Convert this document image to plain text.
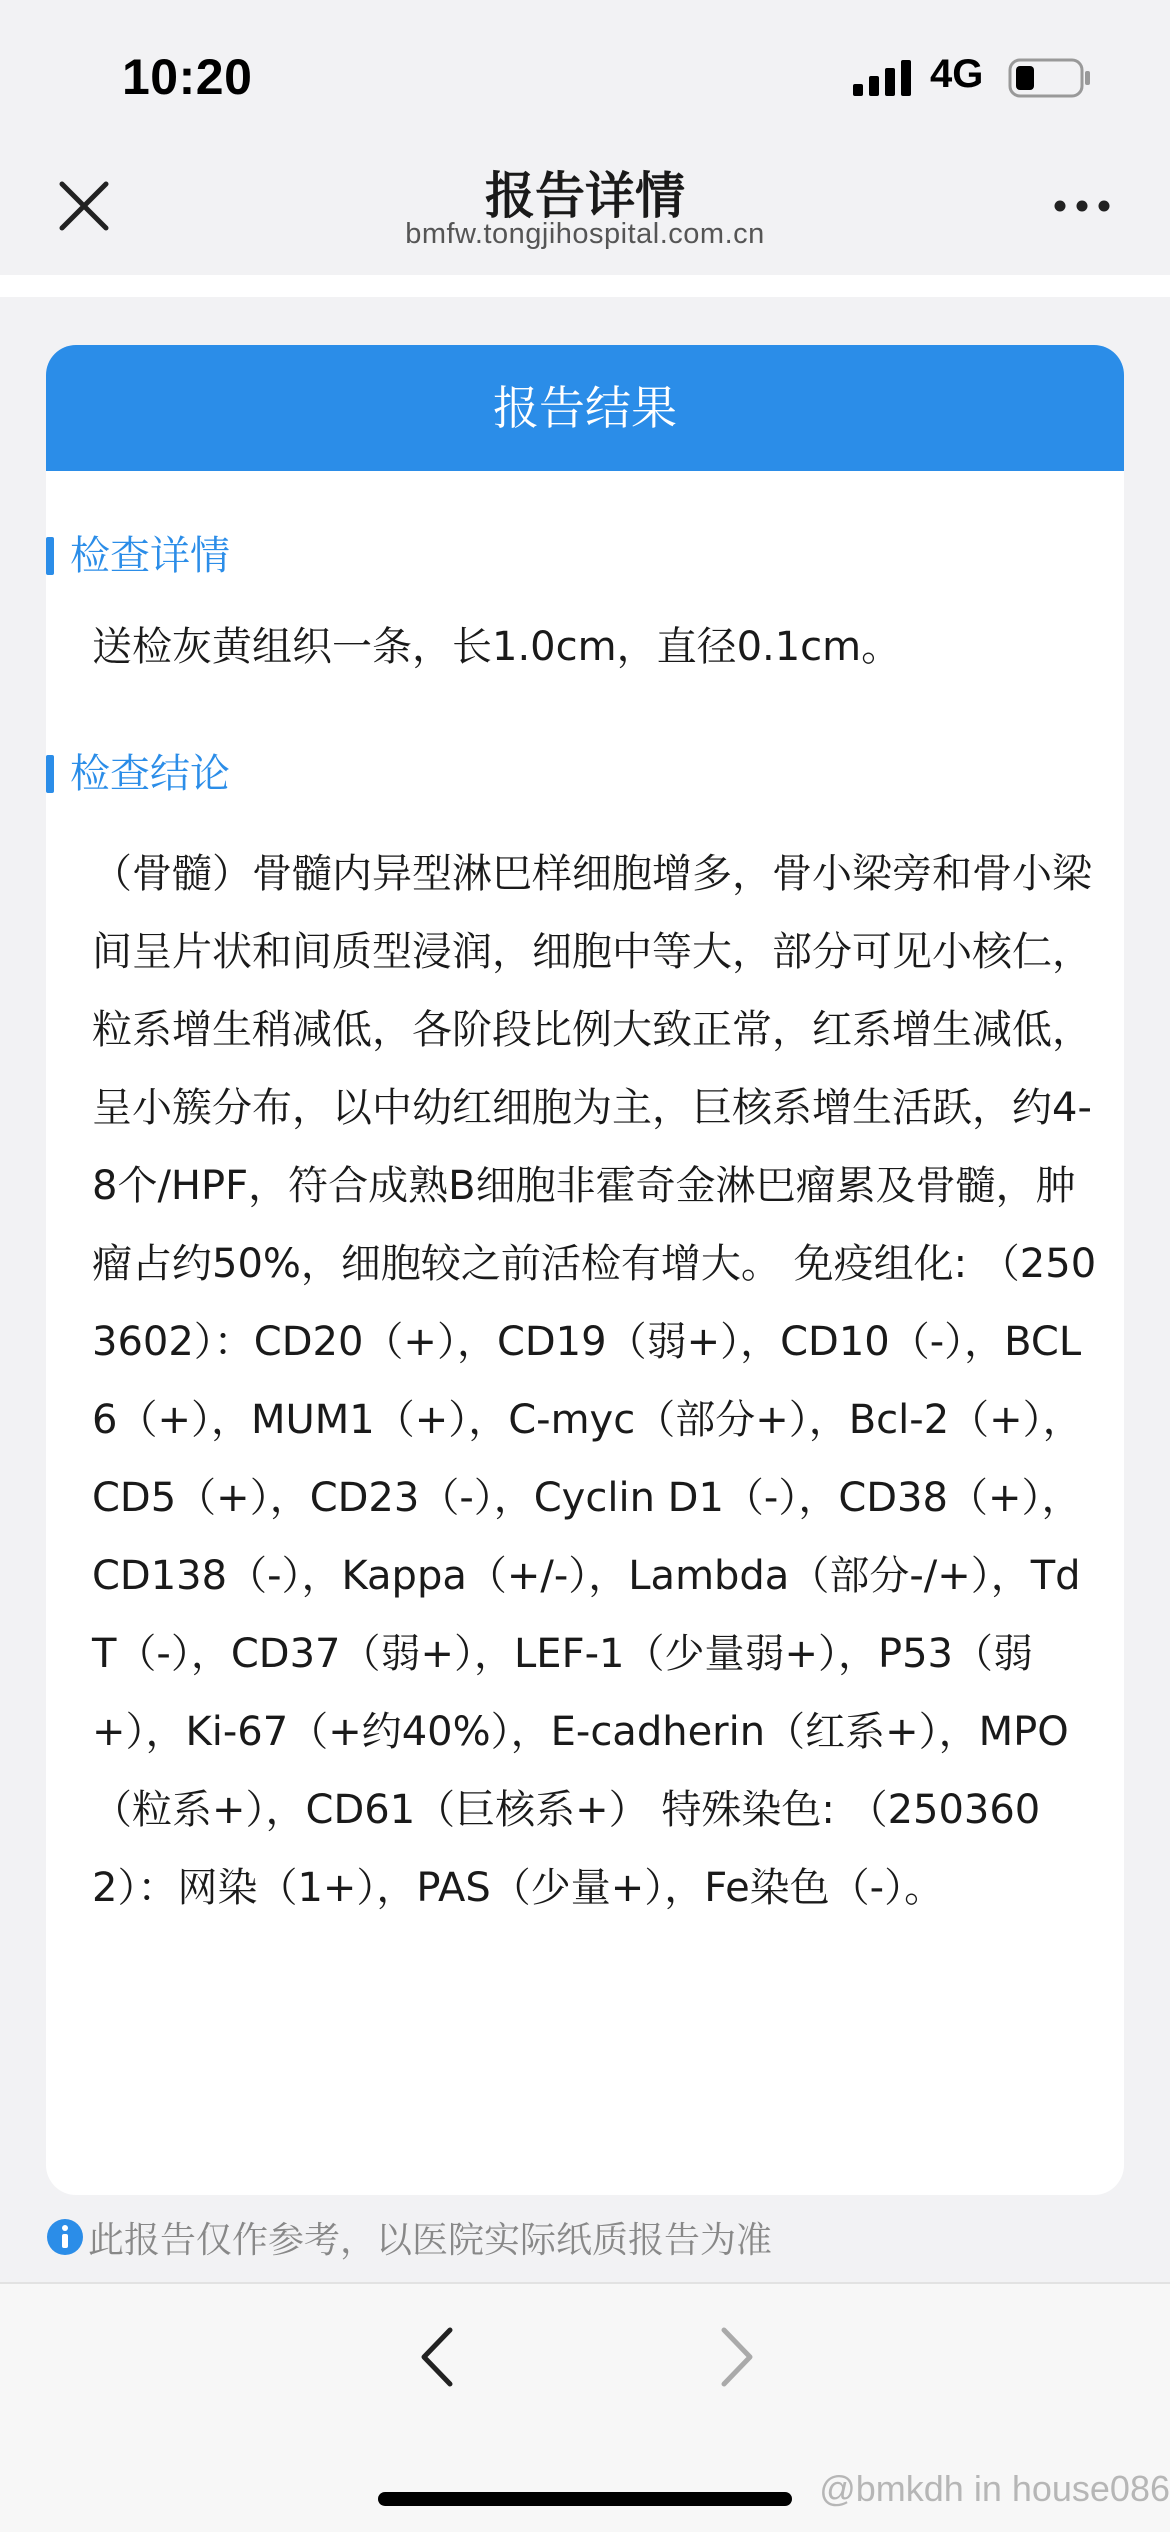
10:20	4G
报告详情
bmfw.tongjihospital.com.cn
报告结果
检查详情
送检灰黄组织一条，长1.0cm，直径0.1cm。
检查结论
（骨髓）骨髓内异型淋巴样细胞增多，骨小梁旁和骨小梁间呈片状和间质型浸润，细胞中等大，部分可见小核仁，粒系增生稍减低，各阶段比例大致正常，红系增生减低，呈小簇分布，以中幼红细胞为主，巨核系增生活跃，约4-8个/HPF，符合成熟B细胞非霍奇金淋巴瘤累及骨髓，肿瘤占约50%，细胞较之前活检有增大。 免疫组化: （2503602）：CD20（+），CD19（弱+），CD10（-），BCL6（+），MUM1（+），C-myc（部分+），Bcl-2（+），CD5（+），CD23（-），Cyclin D1（-），CD38（+），CD138（-），Kappa（+/-），Lambda（部分-/+），TdT（-），CD37（弱+），LEF-1（少量弱+），P53（弱+），Ki-67（+约40%），E-cadherin（红系+），MPO（粒系+），CD61（巨核系+） 特殊染色: （2503602）：网染（1+），PAS（少量+），Fe染色（-）。
此报告仅作参考，以医院实际纸质报告为准
@bmkdh in house086
